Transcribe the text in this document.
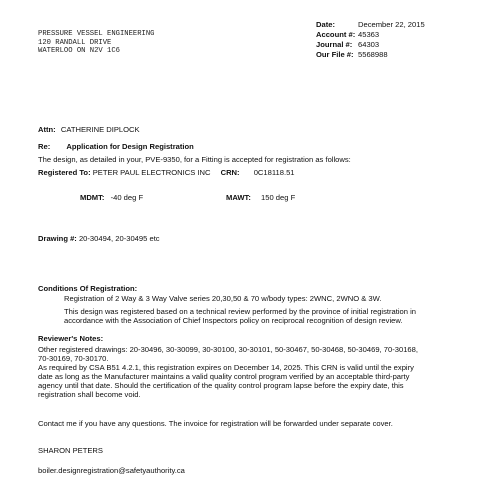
PRESSURE VESSEL ENGINEERING
120 RANDALL DRIVE
WATERLOO ON N2V 1C6
Date:	December 22, 2015
Account #: 45363
Journal #: 64303
Our File #: 5568988
Attn: CATHERINE DIPLOCK
Re: Application for Design Registration
The design, as detailed in your, PVE-9350, for a Fitting is accepted for registration as follows:
Registered To: PETER PAUL ELECTRONICS INC CRN: 0C18118.51
MDMT: -40 deg F	MAWT: 150 deg F
Drawing #: 20-30494, 20-30495 etc
Conditions Of Registration:
Registration of 2 Way & 3 Way Valve series 20,30,50 & 70 w/body types: 2WNC, 2WNO & 3W.
This design was registered based on a technical review performed by the province of initial registration in
accordance with the Association of Chief Inspectors policy on reciprocal recognition of design review.
Reviewer's Notes:
Other registered drawings: 20-30496, 30-30099, 30-30100, 30-30101, 50-30467, 50-30468, 50-30469, 70-30168,
70-30169, 70-30170.
As required by CSA B51 4.2.1, this registration expires on December 14, 2025. This CRN is valid until the expiry
date as long as the Manufacturer maintains a valid quality control program verified by an acceptable third-party
agency until that date. Should the certification of the quality control program lapse before the expiry date, this
registration shall become void.
Contact me if you have any questions. The invoice for registration will be forwarded under separate cover.
SHARON PETERS
boiler.designregistration@safetyauthority.ca
